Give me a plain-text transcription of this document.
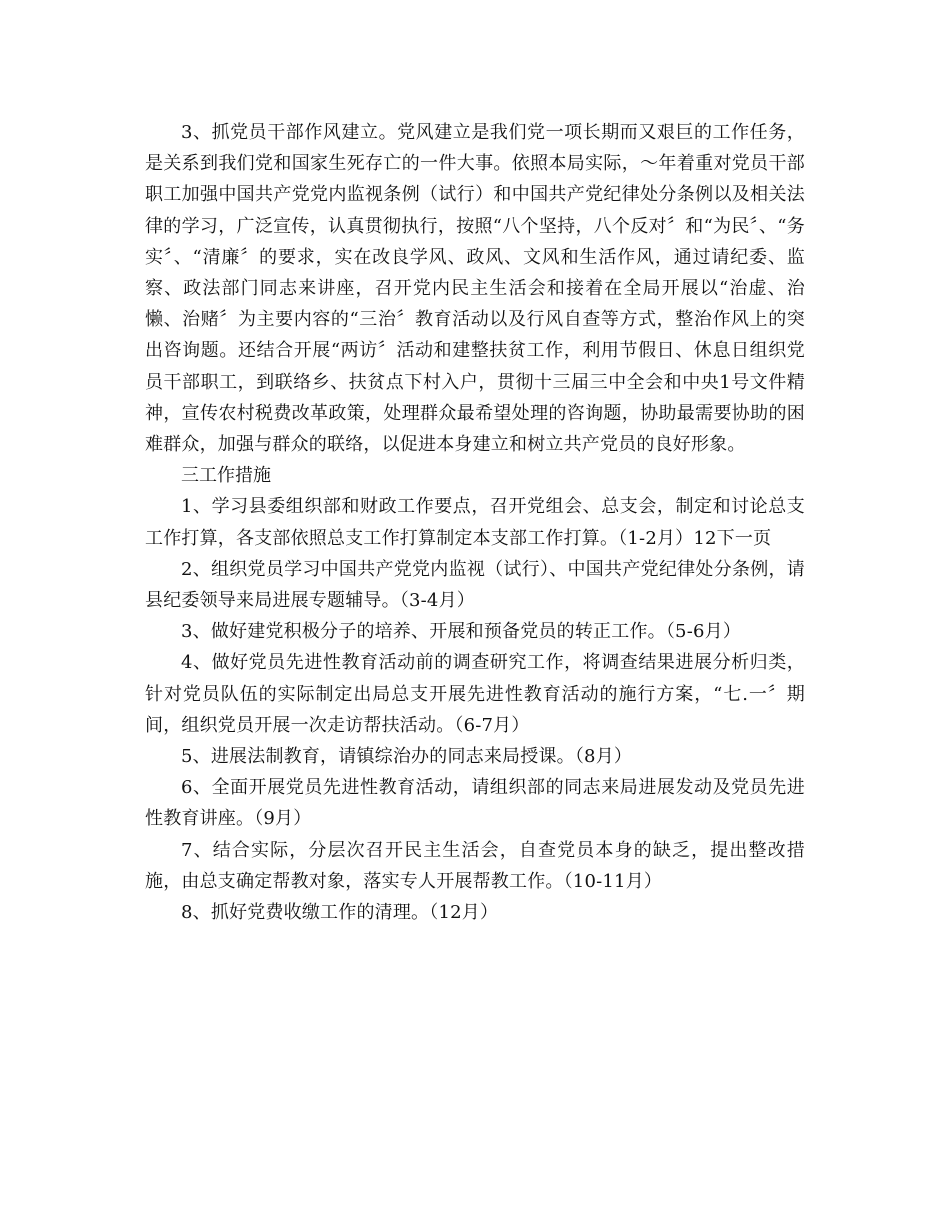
3、抓党员干部作风建立。党风建立是我们党一项长期而又艰巨的工作任务，是关系到我们党和国家生死存亡的一件大事。依照本局实际，～年着重对党员干部职工加强中国共产党党内监视条例（试行）和中国共产党纪律处分条例以及相关法律的学习，广泛宣传，认真贯彻执行，按照“八个坚持，八个反对〞和“为民〞、“务实〞、“清廉〞的要求，实在改良学风、政风、文风和生活作风，通过请纪委、监察、政法部门同志来讲座，召开党内民主生活会和接着在全局开展以“治虚、治懒、治赌〞为主要内容的“三治〞教育活动以及行风自查等方式，整治作风上的突出咨询题。还结合开展“两访〞活动和建整扶贫工作，利用节假日、休息日组织党员干部职工，到联络乡、扶贫点下村入户，贯彻十三届三中全会和中央1号文件精神，宣传农村税费改革政策，处理群众最希望处理的咨询题，协助最需要协助的困难群众，加强与群众的联络，以促进本身建立和树立共产党员的良好形象。

三工作措施

1、学习县委组织部和财政工作要点，召开党组会、总支会，制定和讨论总支工作打算，各支部依照总支工作打算制定本支部工作打算。（1-2月）12下一页

2、组织党员学习中国共产党党内监视（试行）、中国共产党纪律处分条例，请县纪委领导来局进展专题辅导。（3-4月）

3、做好建党积极分子的培养、开展和预备党员的转正工作。（5-6月）

4、做好党员先进性教育活动前的调查研究工作，将调查结果进展分析归类，针对党员队伍的实际制定出局总支开展先进性教育活动的施行方案，“七.一〞期间，组织党员开展一次走访帮扶活动。（6-7月）

5、进展法制教育，请镇综治办的同志来局授课。（8月）

6、全面开展党员先进性教育活动，请组织部的同志来局进展发动及党员先进性教育讲座。（9月）

7、结合实际，分层次召开民主生活会，自查党员本身的缺乏，提出整改措施，由总支确定帮教对象，落实专人开展帮教工作。（10-11月）

8、抓好党费收缴工作的清理。（12月）
